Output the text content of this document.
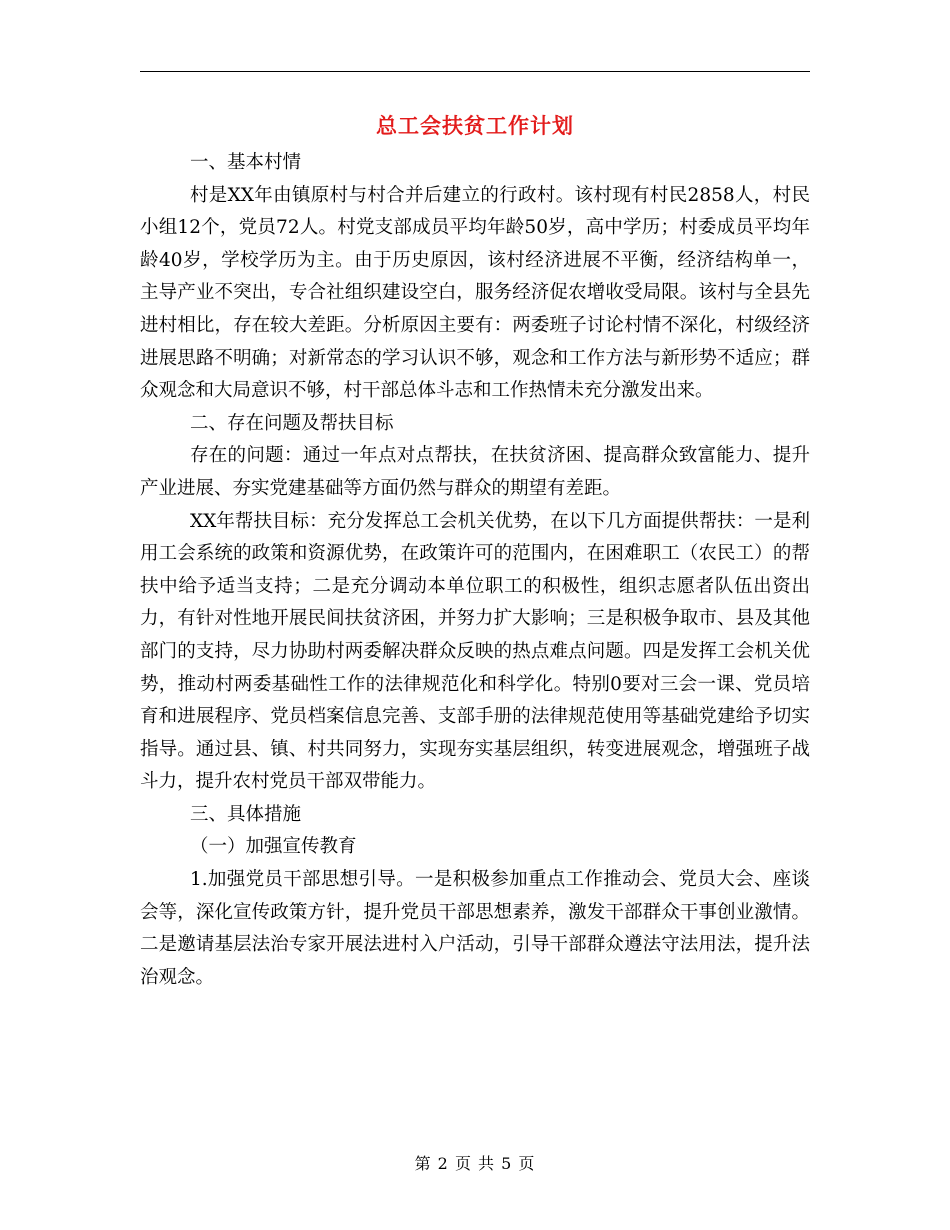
总工会扶贫工作计划

一、基本村情

村是XX年由镇原村与村合并后建立的行政村。该村现有村民2858人，村民小组12个，党员72人。村党支部成员平均年龄50岁，高中学历；村委成员平均年龄40岁，学校学历为主。由于历史原因，该村经济进展不平衡，经济结构单一，主导产业不突出，专合社组织建设空白，服务经济促农增收受局限。该村与全县先进村相比，存在较大差距。分析原因主要有：两委班子讨论村情不深化，村级经济进展思路不明确；对新常态的学习认识不够，观念和工作方法与新形势不适应；群众观念和大局意识不够，村干部总体斗志和工作热情未充分激发出来。

二、存在问题及帮扶目标

存在的问题：通过一年点对点帮扶，在扶贫济困、提高群众致富能力、提升产业进展、夯实党建基础等方面仍然与群众的期望有差距。

XX年帮扶目标：充分发挥总工会机关优势，在以下几方面提供帮扶：一是利用工会系统的政策和资源优势，在政策许可的范围内，在困难职工（农民工）的帮扶中给予适当支持；二是充分调动本单位职工的积极性，组织志愿者队伍出资出力，有针对性地开展民间扶贫济困，并努力扩大影响；三是积极争取市、县及其他部门的支持，尽力协助村两委解决群众反映的热点难点问题。四是发挥工会机关优势，推动村两委基础性工作的法律规范化和科学化。特别0要对三会一课、党员培育和进展程序、党员档案信息完善、支部手册的法律规范使用等基础党建给予切实指导。通过县、镇、村共同努力，实现夯实基层组织，转变进展观念，增强班子战斗力，提升农村党员干部双带能力。

三、具体措施

（一）加强宣传教育

1.加强党员干部思想引导。一是积极参加重点工作推动会、党员大会、座谈会等，深化宣传政策方针，提升党员干部思想素养，激发干部群众干事创业激情。二是邀请基层法治专家开展法进村入户活动，引导干部群众遵法守法用法，提升法治观念。

第 2 页 共 5 页
